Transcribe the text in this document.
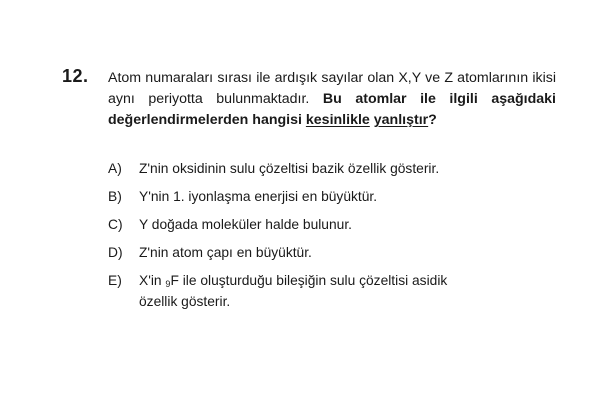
12. Atom numaraları sırası ile ardışık sayılar olan X,Y ve Z atomlarının ikisi aynı periyotta bulunmaktadır. Bu atomlar ile ilgili aşağıdaki değerlendirmelerden hangisi kesinlikle yanlıştır?
A) Z'nin oksidinin sulu çözeltisi bazik özellik gösterir.
B) Y'nin 1. iyonlaşma enerjisi en büyüktür.
C) Y doğada moleküler halde bulunur.
D) Z'nin atom çapı en büyüktür.
E) X'in $_9$F ile oluşturduğu bileşiğin sulu çözeltisi asidik
özellik gösterir.
